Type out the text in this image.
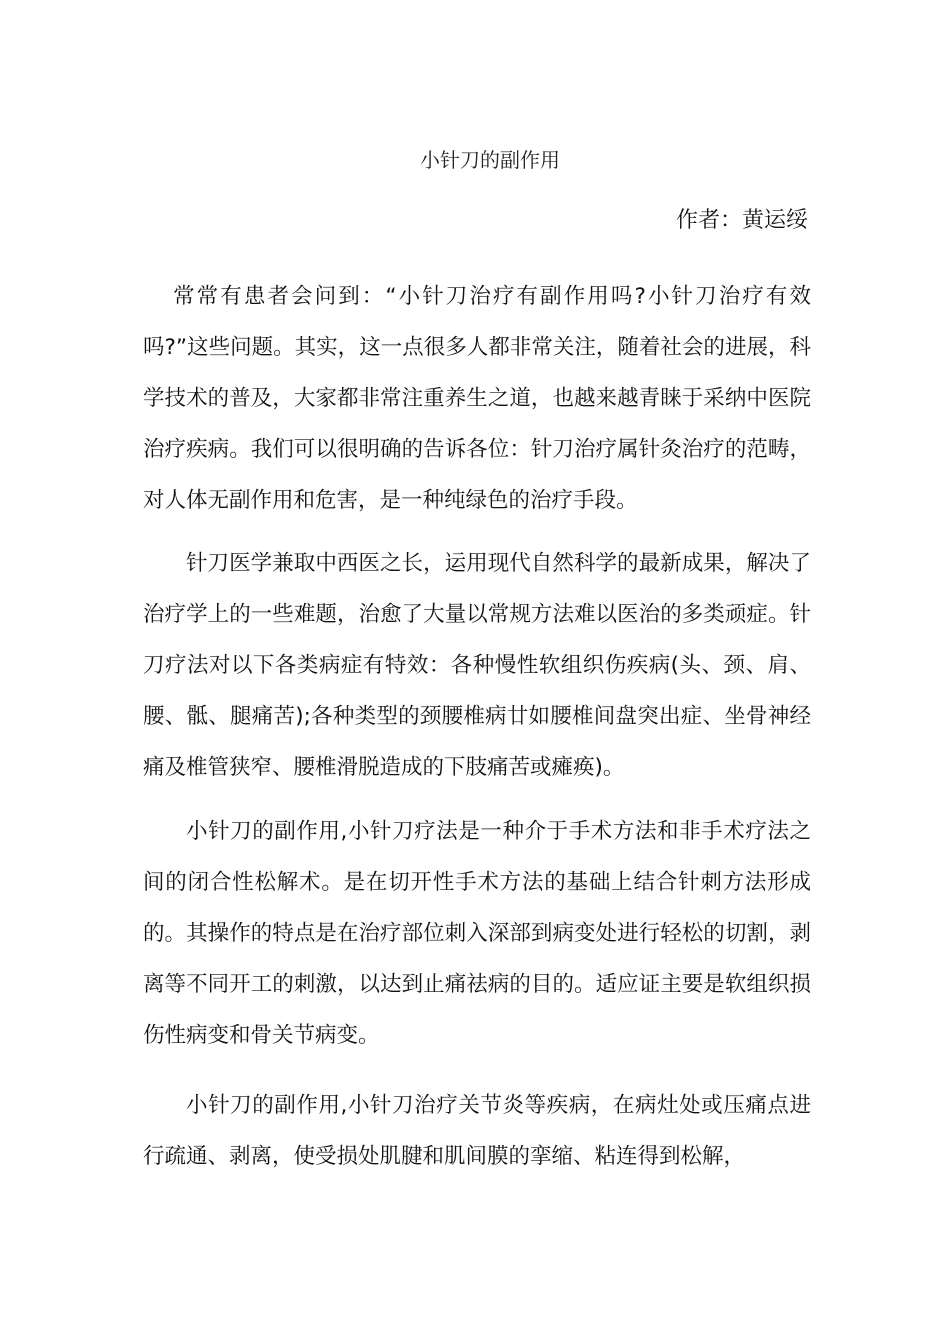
小针刀的副作用
作者：黄运绥

常常有患者会问到：“小针刀治疗有副作用吗?小针刀治疗有效吗?”这些问题。其实，这一点很多人都非常关注，随着社会的进展，科学技术的普及，大家都非常注重养生之道，也越来越青睐于采纳中医院治疗疾病。我们可以很明确的告诉各位：针刀治疗属针灸治疗的范畴，对人体无副作用和危害，是一种纯绿色的治疗手段。

针刀医学兼取中西医之长，运用现代自然科学的最新成果，解决了治疗学上的一些难题，治愈了大量以常规方法难以医治的多类顽症。针刀疗法对以下各类病症有特效：各种慢性软组织伤疾病(头、颈、肩、腰、骶、腿痛苦);各种类型的颈腰椎病廿如腰椎间盘突出症、坐骨神经痛及椎管狭窄、腰椎滑脱造成的下肢痛苦或瘫痪)。

小针刀的副作用,小针刀疗法是一种介于手术方法和非手术疗法之间的闭合性松解术。是在切开性手术方法的基础上结合针刺方法形成的。其操作的特点是在治疗部位刺入深部到病变处进行轻松的切割，剥离等不同开工的刺激，以达到止痛祛病的目的。适应证主要是软组织损伤性病变和骨关节病变。

小针刀的副作用,小针刀治疗关节炎等疾病，在病灶处或压痛点进行疏通、剥离，使受损处肌腱和肌间膜的挛缩、粘连得到松解，
